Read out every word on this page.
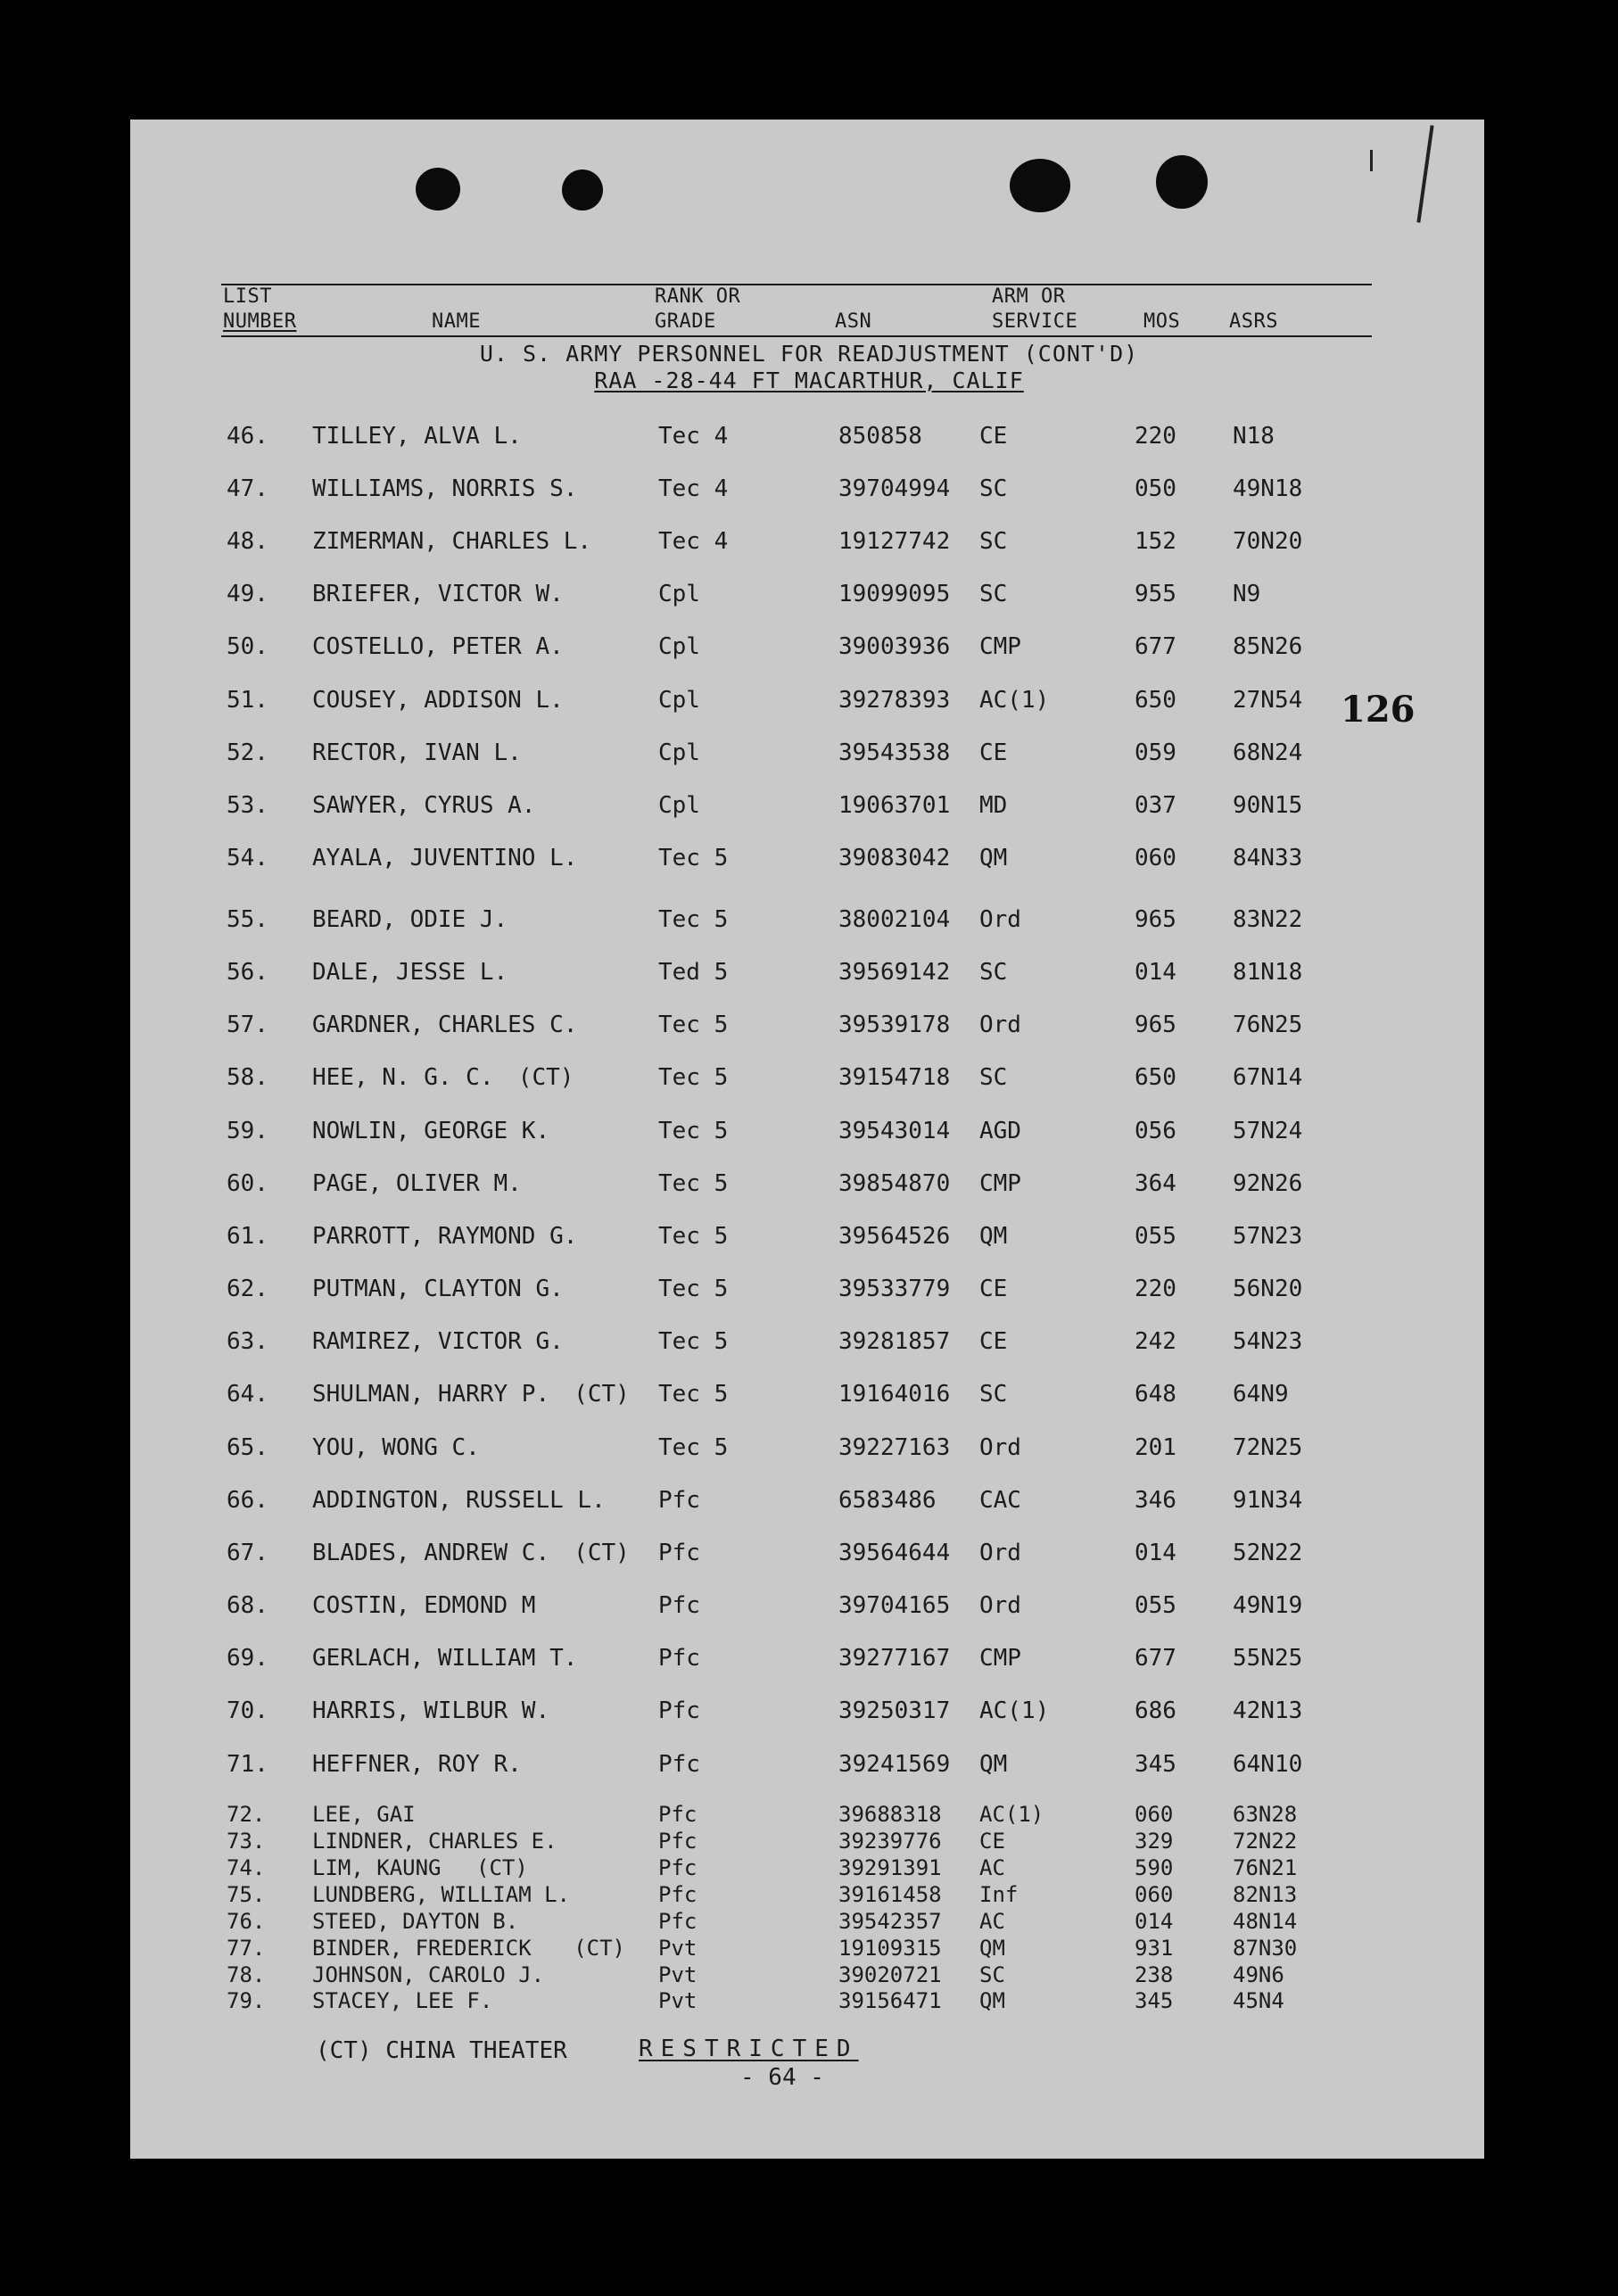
LIST
NUMBER	NAME
RANK OR
GRADE	ASN
ARM OR
SERVICE	MOS ASRS
U. S. ARMY PERSONNEL FOR READJUSTMENT (CONT'D)
RAA -28-44 FT MACARTHUR, CALIF
126
46. TILLEY, ALVA L.	Tec 4	850858 CE	220 N18
47. WILLIAMS, NORRIS S.	Tec 4	39704994 SC	050 49N18
48. ZIMERMAN, CHARLES L.	Tec 4	19127742 SC	152 70N20
49. BRIEFER, VICTOR W.	Cpl	19099095 SC	955 N9
50. COSTELLO, PETER A.	Cpl	39003936 CMP	677 85N26
51. COUSEY, ADDISON L.	Cpl	39278393 AC(1)	650 27N54
52. RECTOR, IVAN L.	Cpl	39543538 CE	059 68N24
53. SAWYER, CYRUS A.	Cpl	19063701 MD	037 90N15
54. AYALA, JUVENTINO L.	Tec 5	39083042 QM	060 84N33
55. BEARD, ODIE J.	Tec 5	38002104 Ord	965 83N22
56. DALE, JESSE L.	Ted 5	39569142 SC	014 81N18
57. GARDNER, CHARLES C.	Tec 5	39539178 Ord	965 76N25
58. HEE, N. G. C. (CT)	Tec 5	39154718 SC	650 67N14
59. NOWLIN, GEORGE K.	Tec 5	39543014 AGD	056 57N24
60. PAGE, OLIVER M.	Tec 5	39854870 CMP	364 92N26
61. PARROTT, RAYMOND G.	Tec 5	39564526 QM	055 57N23
62. PUTMAN, CLAYTON G.	Tec 5	39533779 CE	220 56N20
63. RAMIREZ, VICTOR G.	Tec 5	39281857 CE	242 54N23
64. SHULMAN, HARRY P. (CT) Tec 5	19164016 SC	648 64N9
65. YOU, WONG C.	Tec 5	39227163 Ord	201 72N25
66. ADDINGTON, RUSSELL L. Pfc	6583486 CAC	346 91N34
67. BLADES, ANDREW C. (CT) Pfc	39564644 Ord	014 52N22
68. COSTIN, EDMOND M	Pfc	39704165 Ord	055 49N19
69. GERLACH, WILLIAM T.	Pfc	39277167 CMP	677 55N25
70. HARRIS, WILBUR W.	Pfc	39250317 AC(1)	686 42N13
71. HEFFNER, ROY R.	Pfc	39241569 QM	345 64N10
72. LEE, GAI	Pfc	39688318 AC(1)	060	63N28
73. LINDNER, CHARLES E.	Pfc	39239776 CE	329	72N22
74. LIM, KAUNG (CT)	Pfc	39291391 AC	590	76N21
75. LUNDBERG, WILLIAM L.	Pfc	39161458 Inf	060	82N13
76. STEED, DAYTON B.	Pfc	39542357 AC	014	48N14
77. BINDER, FREDERICK (CT) Pvt	19109315 QM	931	87N30
78. JOHNSON, CAROLO J.	Pvt	39020721 SC	238	49N6
79. STACEY, LEE F.	Pvt	39156471 QM	345	45N4
(CT) CHINA THEATER	RESTRICTED
- 64 -
